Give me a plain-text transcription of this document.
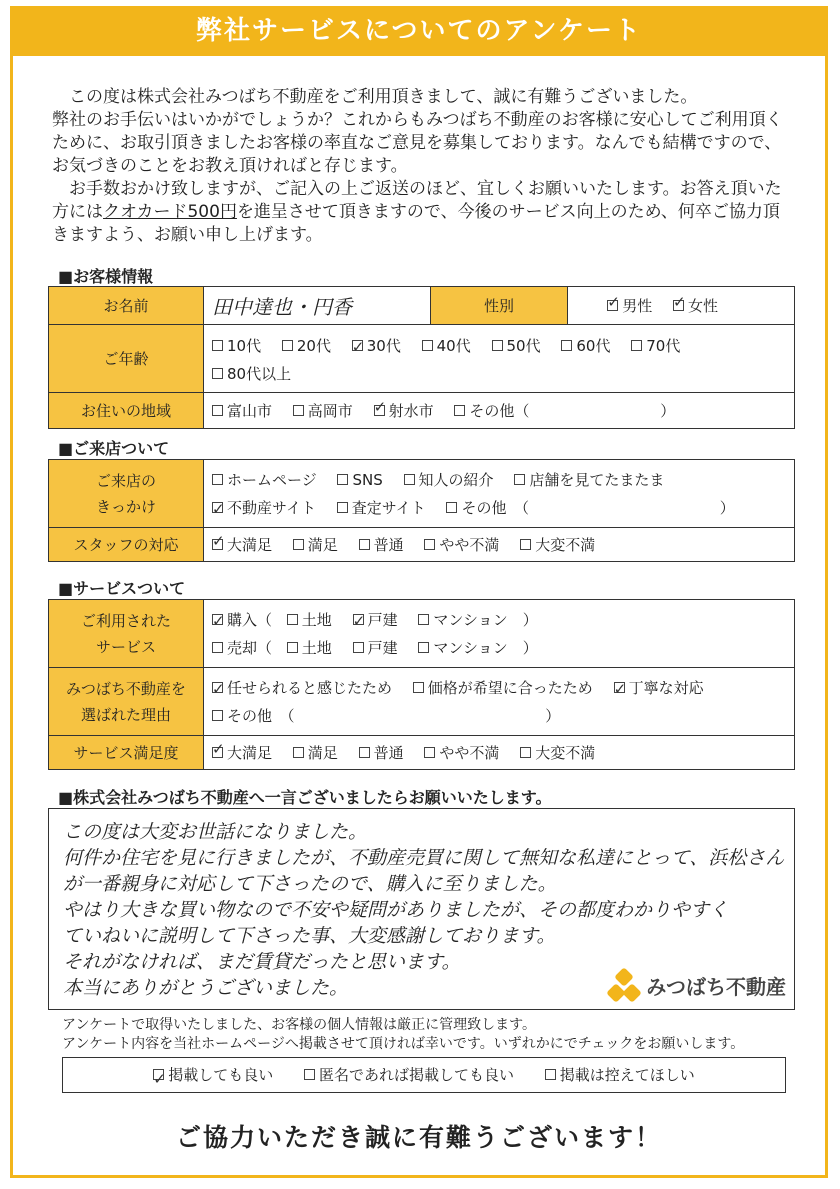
弊社サービスについてのアンケート

この度は株式会社みつばち不動産をご利用頂きまして、誠に有難うございました。

弊社のお手伝いはいかがでしょうか？これからもみつばち不動産のお客様に安心してご利用頂くために、お取引頂きましたお客様の率直なご意見を募集しております。なんでも結構ですので、お気づきのことをお教え頂ければと存じます。

お手数おかけ致しますが、ご記入の上ご返送のほど、宜しくお願いいたします。お答え頂いた方にはクオカード500円を進呈させて頂きますので、今後のサービス向上のため、何卒ご協力頂きますよう、お願い申し上げます。

■お客様情報
お名前	田中達也・円香	性別	✓男性 ✓ 女性
ご年齢	10代 20代 ✓ 30代 40代 50代 60代 70代
80代以上
お住いの地域	富山市 高岡市 ✓ 射水市 その他（ ）
■ご来店ついて
ご来店の
きっかけ	ホームページ SNS 知人の紹介 店舗を見てたまたま
✓不動産サイト 査定サイト その他　（ ）
スタッフの対応	✓大満足 満足 普通 やや不満 大変不満
■サービスついて
ご利用された
サービス	✓購入（ 土地 ✓ 戸建 マンション　）
売却（ 土地 戸建 マンション　）
みつばち不動産を
選ばれた理由	✓任せられると感じたため 価格が希望に合ったため ✓ 丁寧な対応
その他　（ ）
サービス満足度	✓大満足 満足 普通 やや不満 大変不満
■株式会社みつばち不動産へ一言ございましたらお願いいたします。
この度は大変お世話になりました。
何件か住宅を見に行きましたが、不動産売買に関して無知な私達にとって、浜松さん
が一番親身に対応して下さったので、購入に至りました。
やはり大きな買い物なので不安や疑問がありましたが、その都度わかりやすく
ていねいに説明して下さった事、大変感謝しております。
それがなければ、まだ賃貸だったと思います。
本当にありがとうございました。	みつばち不動産
アンケートで取得いたしました、お客様の個人情報は厳正に管理致します。
アンケート内容を当社ホームページへ掲載させて頂ければ幸いです。いずれかにでチェックをお願いします。
✓掲載しても良い	匿名であれば掲載しても良い	掲載は控えてほしい
ご協力いただき誠に有難うございます！
